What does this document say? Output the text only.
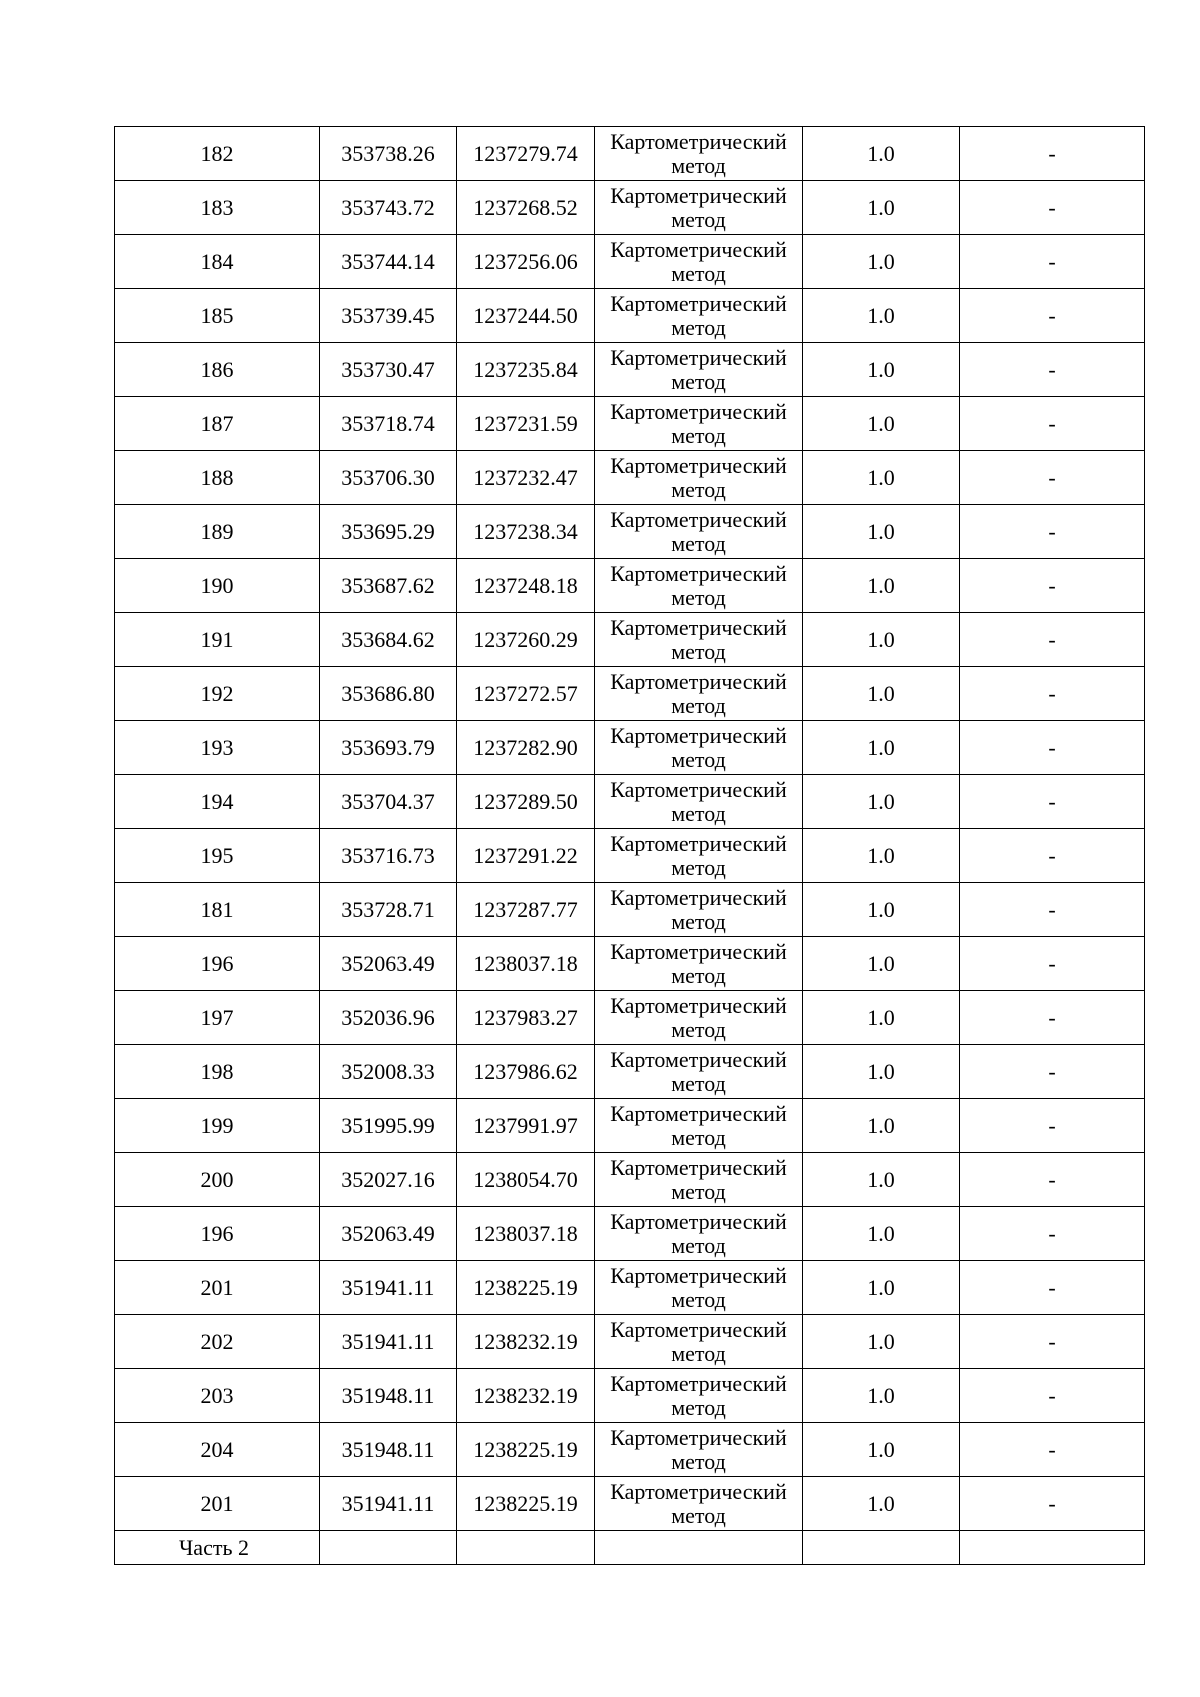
182	353738.26	1237279.74	Картометрический метод	1.0	-
183	353743.72	1237268.52	Картометрический метод	1.0	-
184	353744.14	1237256.06	Картометрический метод	1.0	-
185	353739.45	1237244.50	Картометрический метод	1.0	-
186	353730.47	1237235.84	Картометрический метод	1.0	-
187	353718.74	1237231.59	Картометрический метод	1.0	-
188	353706.30	1237232.47	Картометрический метод	1.0	-
189	353695.29	1237238.34	Картометрический метод	1.0	-
190	353687.62	1237248.18	Картометрический метод	1.0	-
191	353684.62	1237260.29	Картометрический метод	1.0	-
192	353686.80	1237272.57	Картометрический метод	1.0	-
193	353693.79	1237282.90	Картометрический метод	1.0	-
194	353704.37	1237289.50	Картометрический метод	1.0	-
195	353716.73	1237291.22	Картометрический метод	1.0	-
181	353728.71	1237287.77	Картометрический метод	1.0	-
196	352063.49	1238037.18	Картометрический метод	1.0	-
197	352036.96	1237983.27	Картометрический метод	1.0	-
198	352008.33	1237986.62	Картометрический метод	1.0	-
199	351995.99	1237991.97	Картометрический метод	1.0	-
200	352027.16	1238054.70	Картометрический метод	1.0	-
196	352063.49	1238037.18	Картометрический метод	1.0	-
201	351941.11	1238225.19	Картометрический метод	1.0	-
202	351941.11	1238232.19	Картометрический метод	1.0	-
203	351948.11	1238232.19	Картометрический метод	1.0	-
204	351948.11	1238225.19	Картометрический метод	1.0	-
201	351941.11	1238225.19	Картометрический метод	1.0	-
Часть 2					
